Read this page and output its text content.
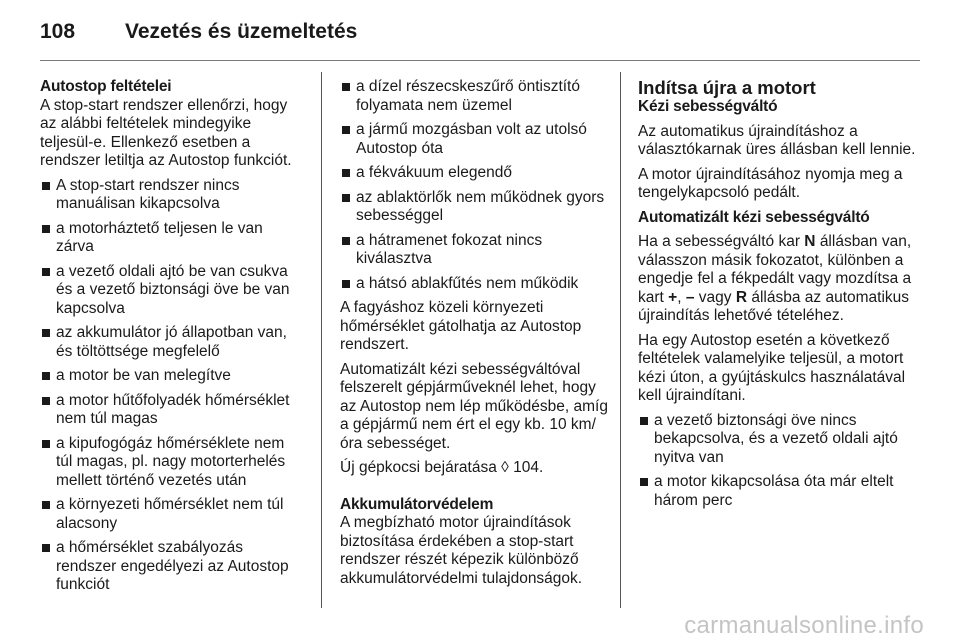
108 Vezetés és üzemeltetés
Autostop feltételei

A stop-start rendszer ellenőrzi, hogy az alábbi feltételek mindegyike teljesül-e. Ellenkező esetben a rendszer letiltja az Autostop funkciót.

A stop-start rendszer nincs manuálisan kikapcsolva
a motorháztető teljesen le van zárva
a vezető oldali ajtó be van csukva és a vezető biztonsági öve be van kapcsolva
az akkumulátor jó állapotban van, és töltöttsége megfelelő
a motor be van melegítve
a motor hűtőfolyadék hőmérséklet nem túl magas
a kipufogógáz hőmérséklete nem túl magas, pl. nagy motorterhelés mellett történő vezetés után
a környezeti hőmérséklet nem túl alacsony
a hőmérséklet szabályozás rendszer engedélyezi az Autostop funkciót
a dízel részecskeszűrő öntisztító folyamata nem üzemel
a jármű mozgásban volt az utolsó Autostop óta
a fékvákuum elegendő
az ablaktörlők nem működnek gyors sebességgel
a hátramenet fokozat nincs kiválasztva
a hátsó ablakfűtés nem működik

A fagyáshoz közeli környezeti hőmérséklet gátolhatja az Autostop rendszert.

Automatizált kézi sebességváltóval felszerelt gépjárműveknél lehet, hogy az Autostop nem lép működésbe, amíg a gépjármű nem ért el egy kb. 10 km/óra sebességet.

Új gépkocsi bejáratása ◊ 104.

Akkumulátorvédelem

A megbízható motor újraindítások biztosítása érdekében a stop-start rendszer részét képezik különböző akkumulátorvédelmi tulajdonságok.

Indítsa újra a motort
Kézi sebességváltó

Az automatikus újraindításhoz a választókarnak üres állásban kell lennie.

A motor újraindításához nyomja meg a tengelykapcsoló pedált.

Automatizált kézi sebességváltó

Ha a sebességváltó kar N állásban van, válasszon másik fokozatot, különben a engedje fel a fékpedált vagy mozdítsa a kart +, – vagy R állásba az automatikus újraindítás lehetővé tételéhez.

Ha egy Autostop esetén a következő feltételek valamelyike teljesül, a motort kézi úton, a gyújtáskulcs használatával kell újraindítani.

a vezető biztonsági öve nincs bekapcsolva, és a vezető oldali ajtó nyitva van
a motor kikapcsolása óta már eltelt három perc
carmanualsonline.info
